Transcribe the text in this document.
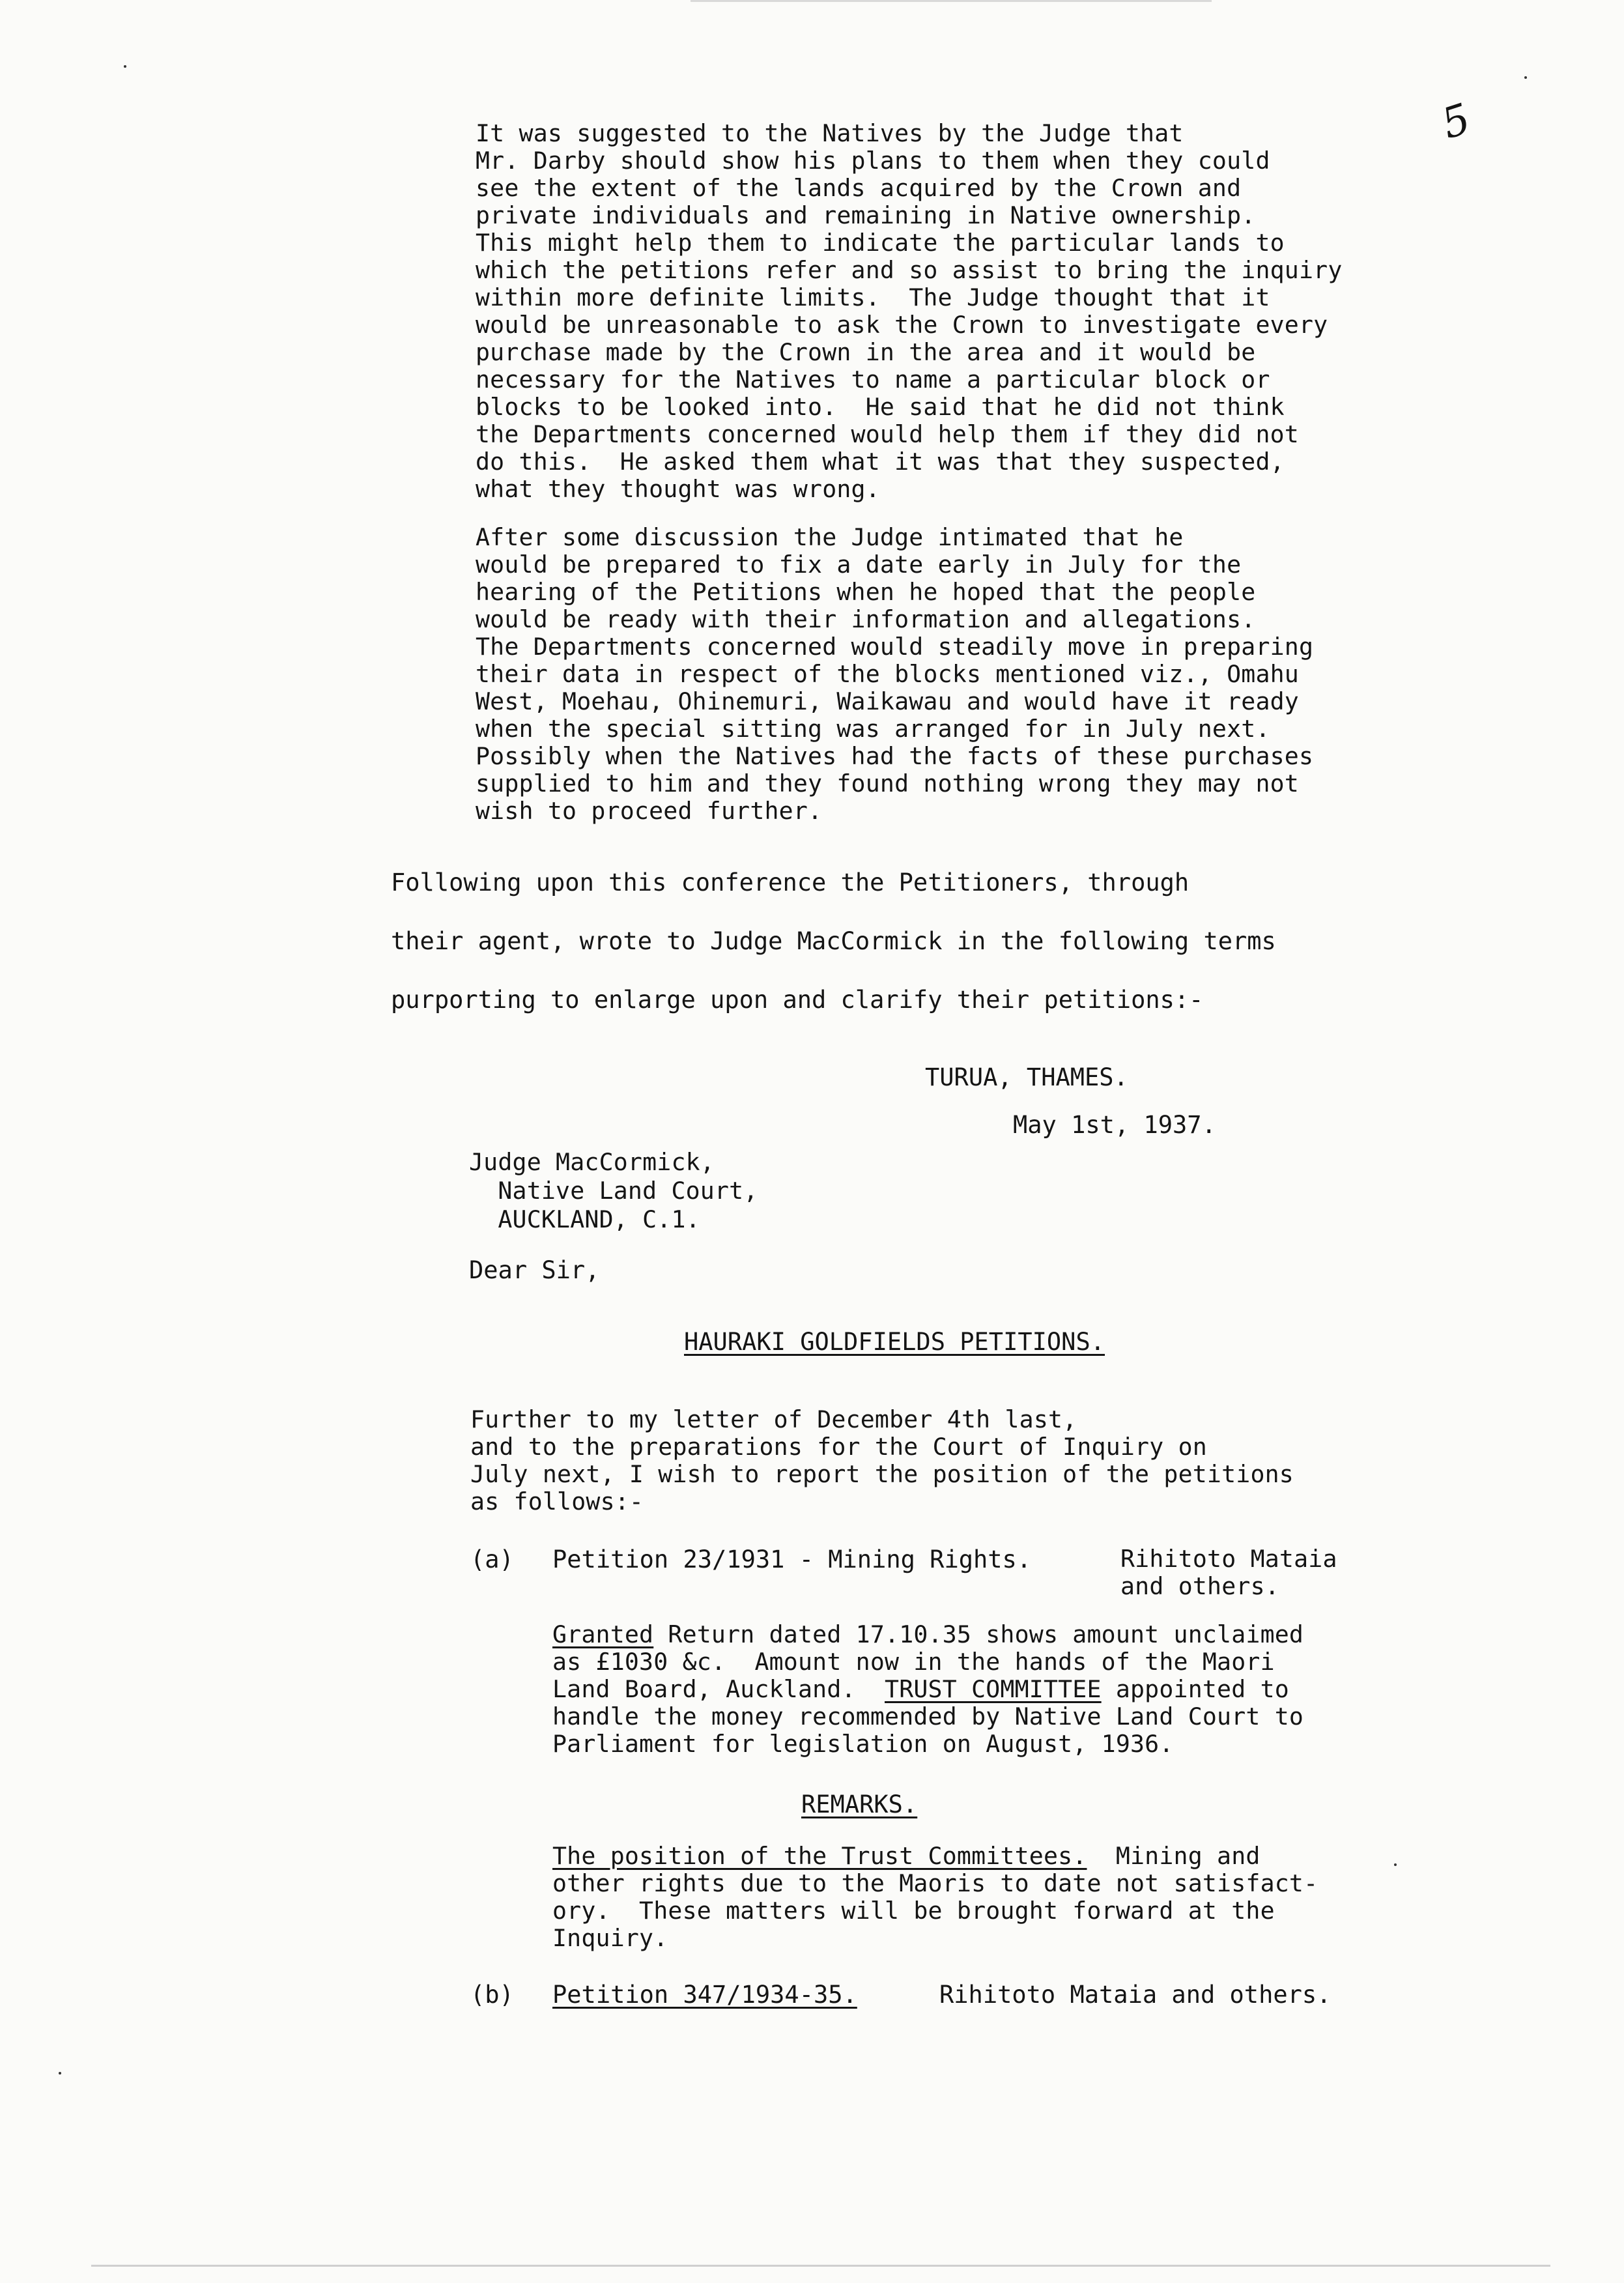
5
It was suggested to the Natives by the Judge that
Mr. Darby should show his plans to them when they could
see the extent of the lands acquired by the Crown and
private individuals and remaining in Native ownership.
This might help them to indicate the particular lands to
which the petitions refer and so assist to bring the inquiry
within more definite limits.  The Judge thought that it
would be unreasonable to ask the Crown to investigate every
purchase made by the Crown in the area and it would be
necessary for the Natives to name a particular block or
blocks to be looked into.  He said that he did not think
the Departments concerned would help them if they did not
do this.  He asked them what it was that they suspected,
what they thought was wrong.
After some discussion the Judge intimated that he
would be prepared to fix a date early in July for the
hearing of the Petitions when he hoped that the people
would be ready with their information and allegations.
The Departments concerned would steadily move in preparing
their data in respect of the blocks mentioned viz., Omahu
West, Moehau, Ohinemuri, Waikawau and would have it ready
when the special sitting was arranged for in July next.
Possibly when the Natives had the facts of these purchases
supplied to him and they found nothing wrong they may not
wish to proceed further.
Following upon this conference the Petitioners, through
their agent, wrote to Judge MacCormick in the following terms
purporting to enlarge upon and clarify their petitions:-
TURUA, THAMES.
May 1st, 1937.
Judge MacCormick,
Native Land Court,
AUCKLAND, C.1.
Dear Sir,
HAURAKI GOLDFIELDS PETITIONS.
Further to my letter of December 4th last,
and to the preparations for the Court of Inquiry on
July next, I wish to report the position of the petitions
as follows:-
(a) Petition 23/1931 - Mining Rights.	Rihitoto Mataia
and others.
Granted Return dated 17.10.35 shows amount unclaimed
as £1030 &c.  Amount now in the hands of the Maori
Land Board, Auckland.  TRUST COMMITTEE appointed to
handle the money recommended by Native Land Court to
Parliament for legislation on August, 1936.
REMARKS.
The position of the Trust Committees.  Mining and
other rights due to the Maoris to date not satisfact-
ory.  These matters will be brought forward at the
Inquiry.
(b) Petition 347/1934-35.	Rihitoto Mataia and others.
